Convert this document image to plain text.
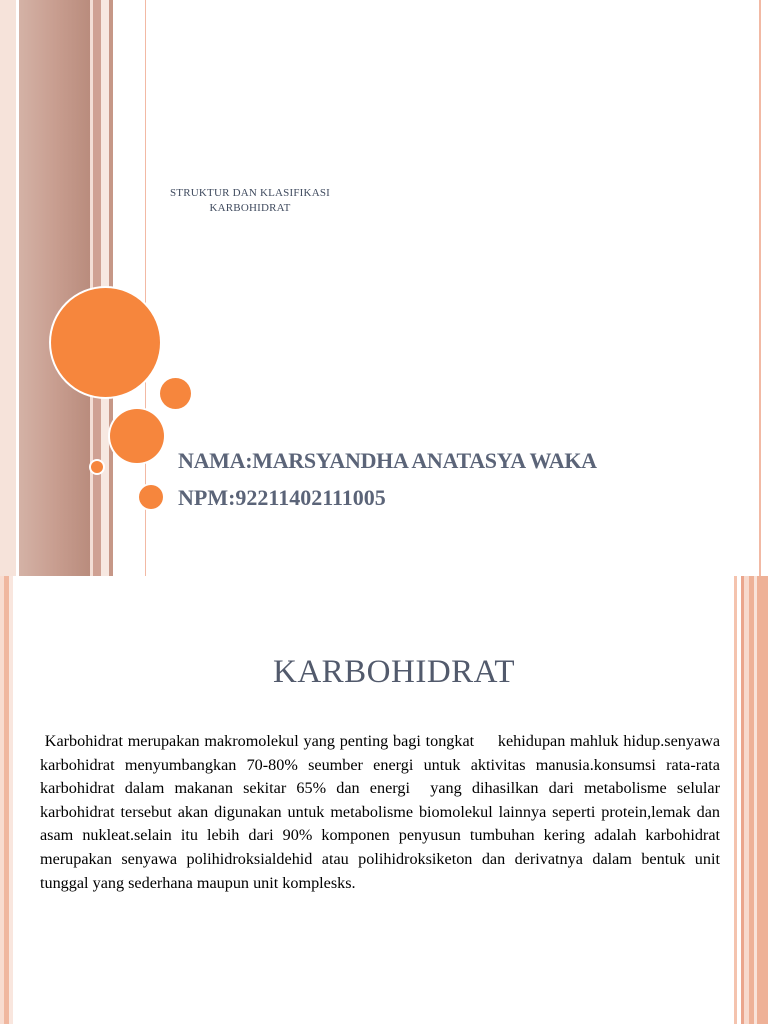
STRUKTUR DAN KLASIFIKASI
KARBOHIDRAT
NAMA:MARSYANDHA ANATASYA WAKA
NPM:92211402111005
KARBOHIDRAT
Karbohidrat merupakan makromolekul yang penting bagi tongkat     kehidupan mahluk hidup.senyawa karbohidrat menyumbangkan 70-80% seumber energi untuk aktivitas manusia.konsumsi rata-rata karbohidrat dalam makanan sekitar 65% dan energi  yang dihasilkan dari metabolisme selular karbohidrat tersebut akan digunakan untuk metabolisme biomolekul lainnya seperti protein,lemak dan asam nukleat.selain itu lebih dari 90% komponen penyusun tumbuhan kering adalah karbohidrat merupakan senyawa polihidroksialdehid atau polihidroksiketon dan derivatnya dalam bentuk unit tunggal yang sederhana maupun unit komplesks.
